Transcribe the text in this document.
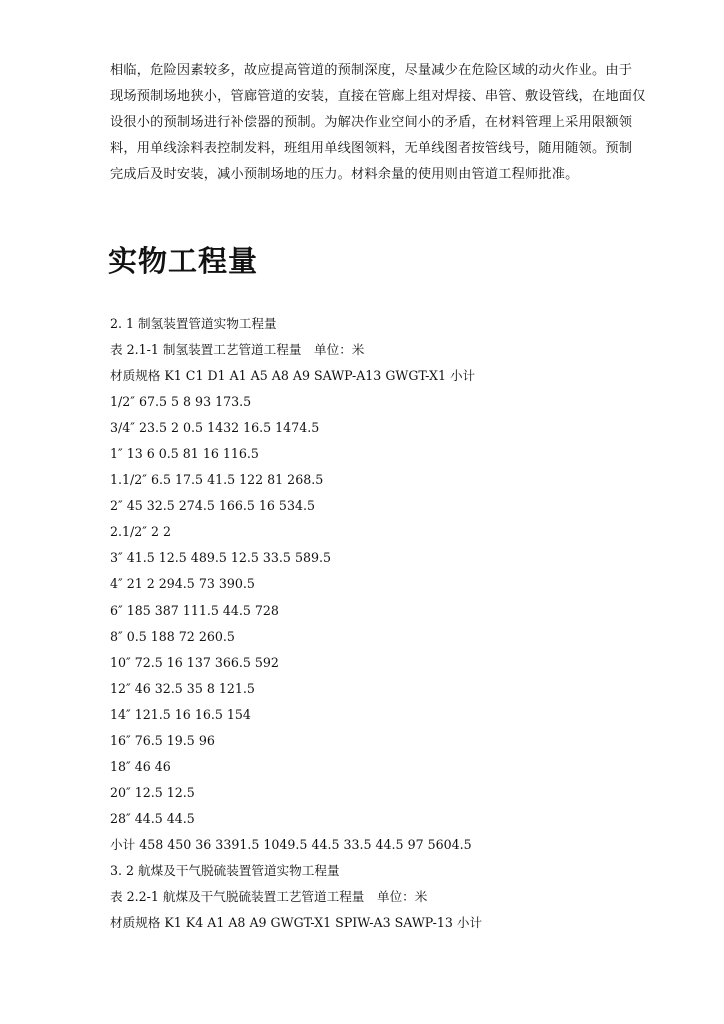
相临，危险因素较多，故应提高管道的预制深度，尽量减少在危险区域的动火作业。由于
现场预制场地狭小，管廊管道的安装，直接在管廊上组对焊接、串管、敷设管线，在地面仅
设很小的预制场进行补偿器的预制。为解决作业空间小的矛盾，在材料管理上采用限额领
料，用单线涂料表控制发料，班组用单线图领料，无单线图者按管线号，随用随领。预制
完成后及时安装，减小预制场地的压力。材料余量的使用则由管道工程师批准。
实物工程量
2. 1 制氢装置管道实物工程量
表 2.1-1 制氢装置工艺管道工程量　单位：米
材质规格 K1 C1 D1 A1 A5 A8 A9 SAWP-A13 GWGT-X1 小计
1/2″ 67.5 5 8 93 173.5
3/4″ 23.5 2 0.5 1432 16.5 1474.5
1″ 13 6 0.5 81 16 116.5
1.1/2″ 6.5 17.5 41.5 122 81 268.5
2″ 45 32.5 274.5 166.5 16 534.5
2.1/2″ 2 2
3″ 41.5 12.5 489.5 12.5 33.5 589.5
4″ 21 2 294.5 73 390.5
6″ 185 387 111.5 44.5 728
8″ 0.5 188 72 260.5
10″ 72.5 16 137 366.5 592
12″ 46 32.5 35 8 121.5
14″ 121.5 16 16.5 154
16″ 76.5 19.5 96
18″ 46 46
20″ 12.5 12.5
28″ 44.5 44.5
小计 458 450 36 3391.5 1049.5 44.5 33.5 44.5 97 5604.5
3. 2 航煤及干气脱硫装置管道实物工程量
表 2.2-1 航煤及干气脱硫装置工艺管道工程量　单位：米
材质规格 K1 K4 A1 A8 A9 GWGT-X1 SPIW-A3 SAWP-13 小计
